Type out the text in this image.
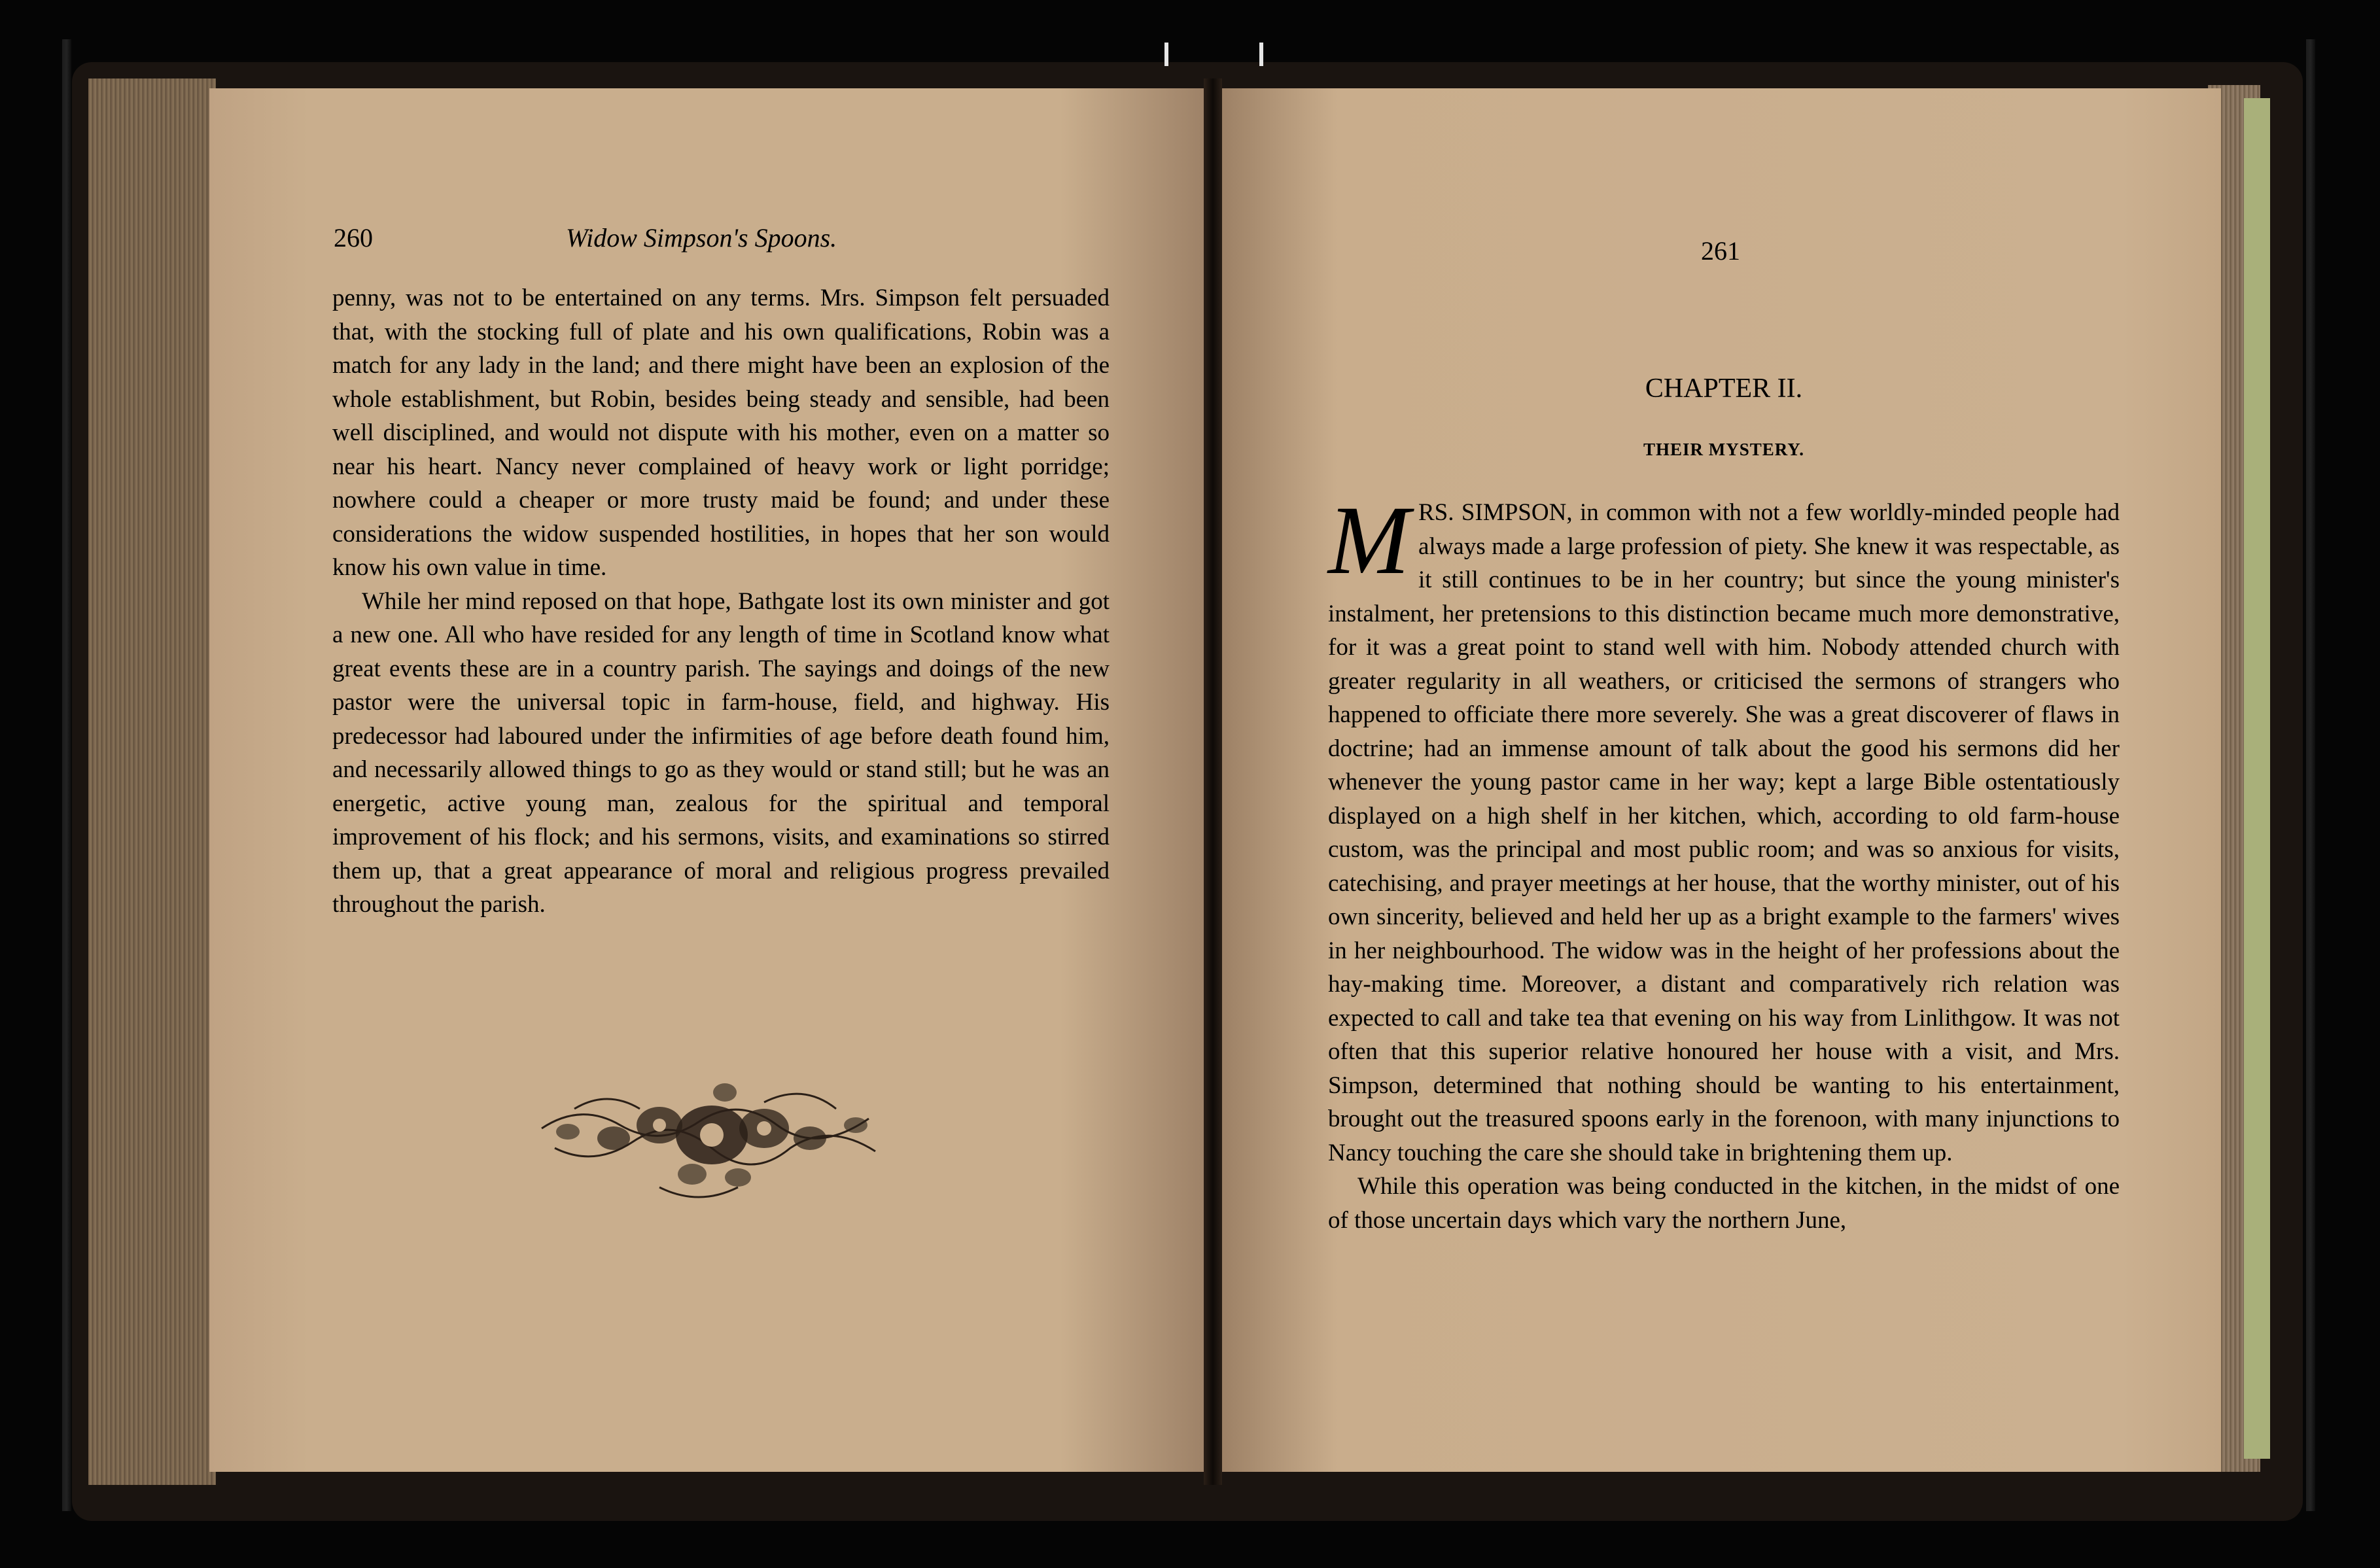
260	Widow Simpson's Spoons.

penny, was not to be entertained on any terms. Mrs. Simpson felt persuaded that, with the stocking full of plate and his own qualifications, Robin was a match for any lady in the land; and there might have been an explosion of the whole establishment, but Robin, besides being steady and sensible, had been well disciplined, and would not dispute with his mother, even on a matter so near his heart. Nancy never complained of heavy work or light porridge; nowhere could a cheaper or more trusty maid be found; and under these considerations the widow suspended hostilities, in hopes that her son would know his own value in time.

While her mind reposed on that hope, Bathgate lost its own minister and got a new one. All who have resided for any length of time in Scotland know what great events these are in a country parish. The sayings and doings of the new pastor were the universal topic in farm-house, field, and highway. His predecessor had laboured under the infirmities of age before death found him, and necessarily allowed things to go as they would or stand still; but he was an energetic, active young man, zealous for the spiritual and temporal improvement of his flock; and his sermons, visits, and examinations so stirred them up, that a great appearance of moral and religious progress prevailed throughout the parish.

261
CHAPTER II.
THEIR MYSTERY.
M RS. SIMPSON, in common with not a few worldly-minded people had always made a large profession of piety. She knew it was respectable, as it still continues to be in her country; but since the young minister's instalment, her pretensions to this distinction became much more demonstrative, for it was a great point to stand well with him. Nobody attended church with greater regularity in all weathers, or criticised the sermons of strangers who happened to officiate there more severely. She was a great discoverer of flaws in doctrine; had an immense amount of talk about the good his sermons did her whenever the young pastor came in her way; kept a large Bible ostentatiously displayed on a high shelf in her kitchen, which, according to old farm-house custom, was the principal and most public room; and was so anxious for visits, catechising, and prayer meetings at her house, that the worthy minister, out of his own sincerity, believed and held her up as a bright example to the farmers' wives in her neighbourhood. The widow was in the height of her professions about the hay-making time. Moreover, a distant and comparatively rich relation was expected to call and take tea that evening on his way from Linlithgow. It was not often that this superior relative honoured her house with a visit, and Mrs. Simpson, determined that nothing should be wanting to his entertainment, brought out the treasured spoons early in the forenoon, with many injunctions to Nancy touching the care she should take in brightening them up.

While this operation was being conducted in the kitchen, in the midst of one of those uncertain days which vary the northern June,
